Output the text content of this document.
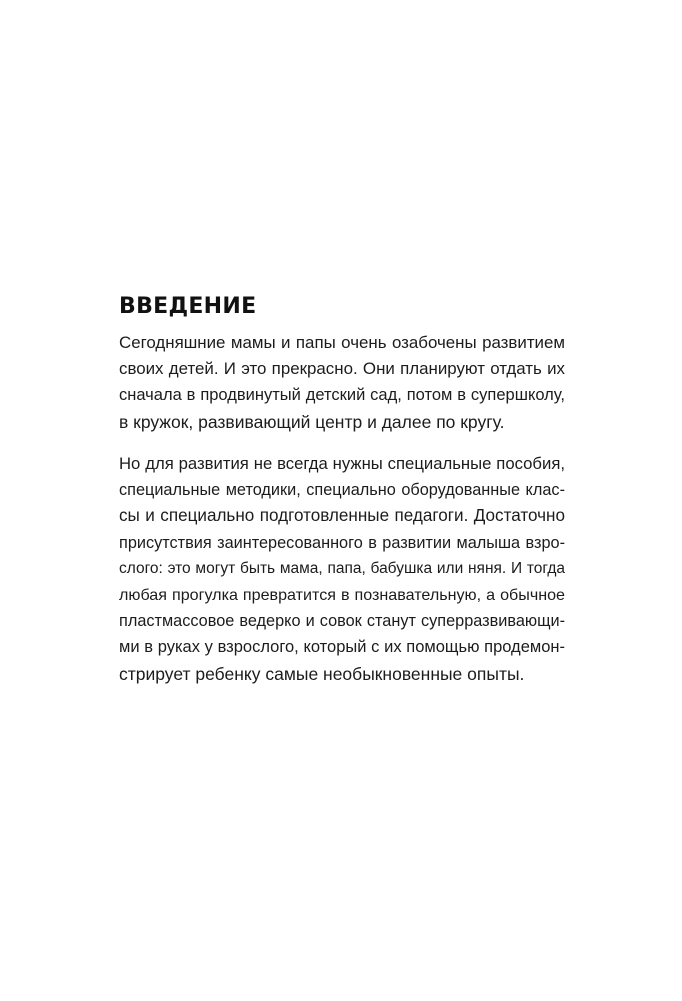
ВВЕДЕНИЕ
Сегодняшние мамы и папы очень озабочены развитием
своих детей. И это прекрасно. Они планируют отдать их
сначала в продвинутый детский сад, потом в супершколу,
в кружок, развивающий центр и далее по кругу.
Но для развития не всегда нужны специальные пособия,
специальные методики, специально оборудованные клас-
сы и специально подготовленные педагоги. Достаточно
присутствия заинтересованного в развитии малыша взро-
слого: это могут быть мама, папа, бабушка или няня. И тогда
любая прогулка превратится в познавательную, а обычное
пластмассовое ведерко и совок станут суперразвивающи-
ми в руках у взрослого, который с их помощью продемон-
стрирует ребенку самые необыкновенные опыты.
